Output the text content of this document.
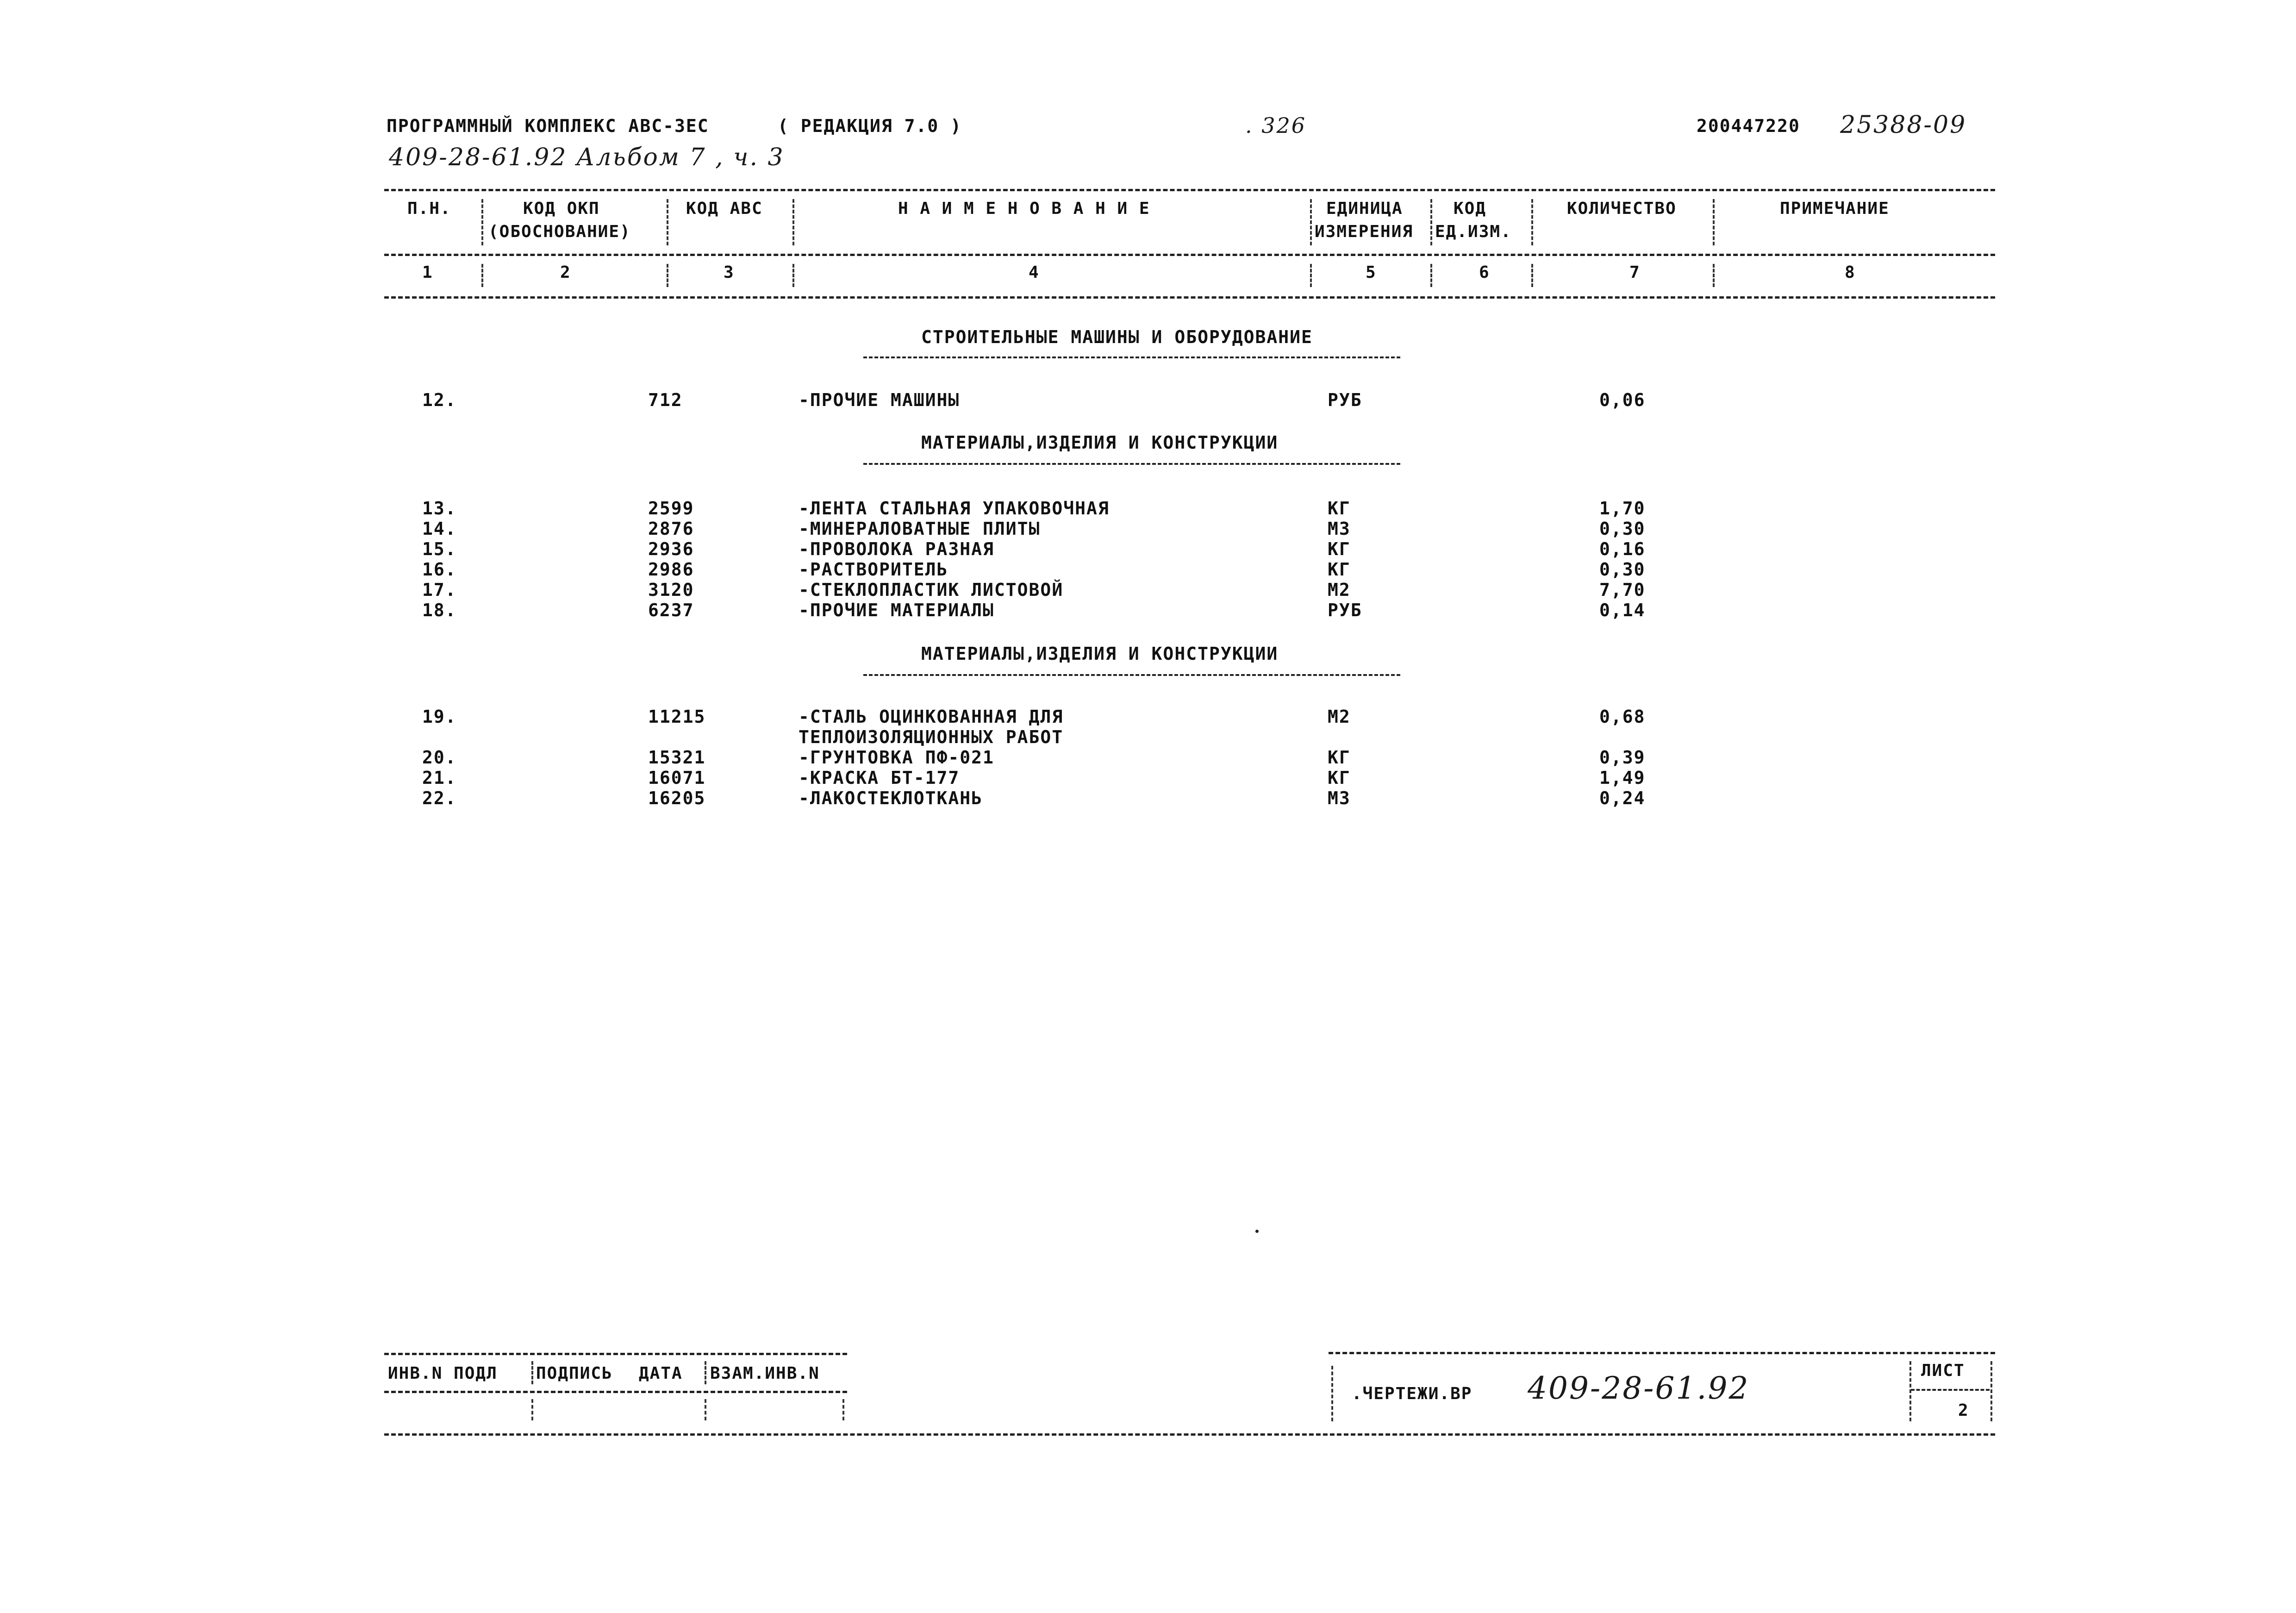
ПРОГРАММНЫЙ КОМПЛЕКС АВС-3ЕС	( РЕДАКЦИЯ 7.0 )	. 326	200447220 25388-09
409-28-61.92 Альбом 7 , ч. 3
П.Н.	КОД ОКП
(ОБОСНОВАНИЕ)
КОД АВС	Н А И М Е Н О В А Н И Е	ЕДИНИЦА
ИЗМЕРЕНИЯ
КОД
ЕД.ИЗМ.
КОЛИЧЕСТВО	ПРИМЕЧАНИЕ
1	2	3	4	5	6	7	8
СТРОИТЕЛЬНЫЕ МАШИНЫ И ОБОРУДОВАНИЕ
12.	712	-ПРОЧИЕ МАШИНЫ	РУБ	0,06
МАТЕРИАЛЫ,ИЗДЕЛИЯ И КОНСТРУКЦИИ
13.	2599	-ЛЕНТА СТАЛЬНАЯ УПАКОВОЧНАЯ	КГ	1,70
14.	2876	-МИНЕРАЛОВАТНЫЕ ПЛИТЫ	М3	0,30
15.	2936	-ПРОВОЛОКА РАЗНАЯ	КГ	0,16
16.	2986	-РАСТВОРИТЕЛЬ	КГ	0,30
17.	3120	-СТЕКЛОПЛАСТИК ЛИСТОВОЙ	М2	7,70
18.	6237	-ПРОЧИЕ МАТЕРИАЛЫ	РУБ	0,14
МАТЕРИАЛЫ,ИЗДЕЛИЯ И КОНСТРУКЦИИ
19.	11215	-СТАЛЬ ОЦИНКОВАННАЯ ДЛЯ
ТЕПЛОИЗОЛЯЦИОННЫХ РАБОТ
М2	0,68
20.	15321	-ГРУНТОВКА ПФ-021	КГ	0,39
21.	16071	-КРАСКА БТ-177	КГ	1,49
22.	16205	-ЛАКОСТЕКЛОТКАНЬ	М3	0,24
ИНВ.N ПОДЛ ПОДПИСЬ ДАТА ВЗАМ.ИНВ.N
.ЧЕРТЕЖИ.ВР 409-28-61.92	ЛИСТ
2
